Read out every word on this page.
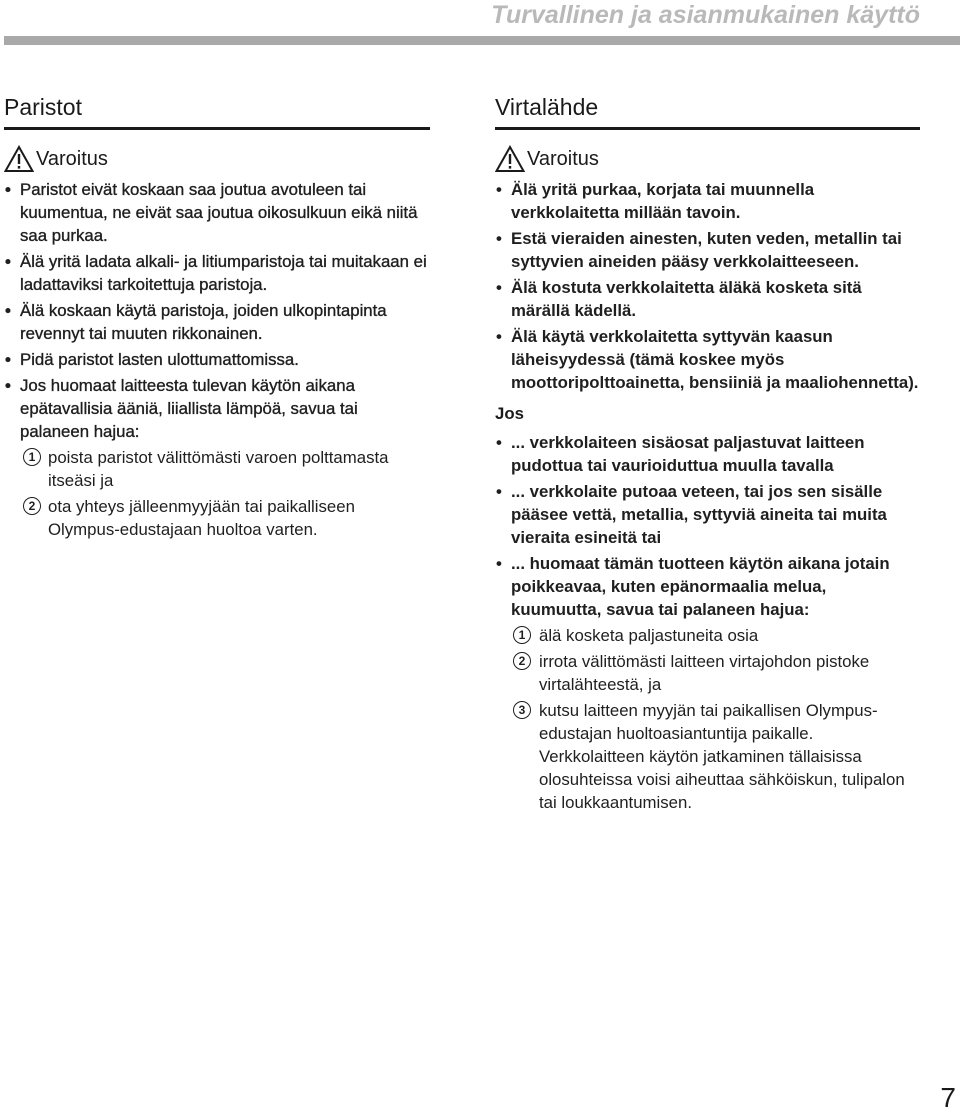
Turvallinen ja asianmukainen käyttö
Paristot
Varoitus
• Paristot eivät koskaan saa joutua avotuleen tai kuumentua, ne eivät saa joutua oikosulkuun eikä niitä saa purkaa.
• Älä yritä ladata alkali- ja litiumparistoja tai muitakaan ei ladattaviksi tarkoitettuja paristoja.
• Älä koskaan käytä paristoja, joiden ulkopintapinta revennyt tai muuten rikkonainen.
• Pidä paristot lasten ulottumattomissa.
• Jos huomaat laitteesta tulevan käytön aikana epätavallisia ääniä, liiallista lämpöä, savua tai palaneen hajua:
1 poista paristot välittömästi varoen polttamasta itseäsi ja
2 ota yhteys jälleenmyyjään tai paikalliseen Olympus-edustajaan huoltoa varten.
Virtalähde
Varoitus
• Älä yritä purkaa, korjata tai muunnella verkkolaitetta millään tavoin.
• Estä vieraiden ainesten, kuten veden, metallin tai syttyvien aineiden pääsy verkkolaitteeseen.
• Älä kostuta verkkolaitetta äläkä kosketa sitä märällä kädellä.
• Älä käytä verkkolaitetta syttyvän kaasun läheisyydessä (tämä koskee myös moottoripolttoainetta, bensiiniä ja maaliohennetta).
Jos
• ... verkkolaiteen sisäosat paljastuvat laitteen pudottua tai vaurioiduttua muulla tavalla
• ... verkkolaite putoaa veteen, tai jos sen sisälle pääsee vettä, metallia, syttyviä aineita tai muita vieraita esineitä tai
• ... huomaat tämän tuotteen käytön aikana jotain poikkeavaa, kuten epänormaalia melua, kuumuutta, savua tai palaneen hajua:
1 älä kosketa paljastuneita osia
2 irrota välittömästi laitteen virtajohdon pistoke virtalähteestä, ja
3 kutsu laitteen myyjän tai paikallisen Olympus-edustajan huoltoasiantuntija paikalle. Verkkolaitteen käytön jatkaminen tällaisissa olosuhteissa voisi aiheuttaa sähköiskun, tulipalon tai loukkaantumisen.
7
